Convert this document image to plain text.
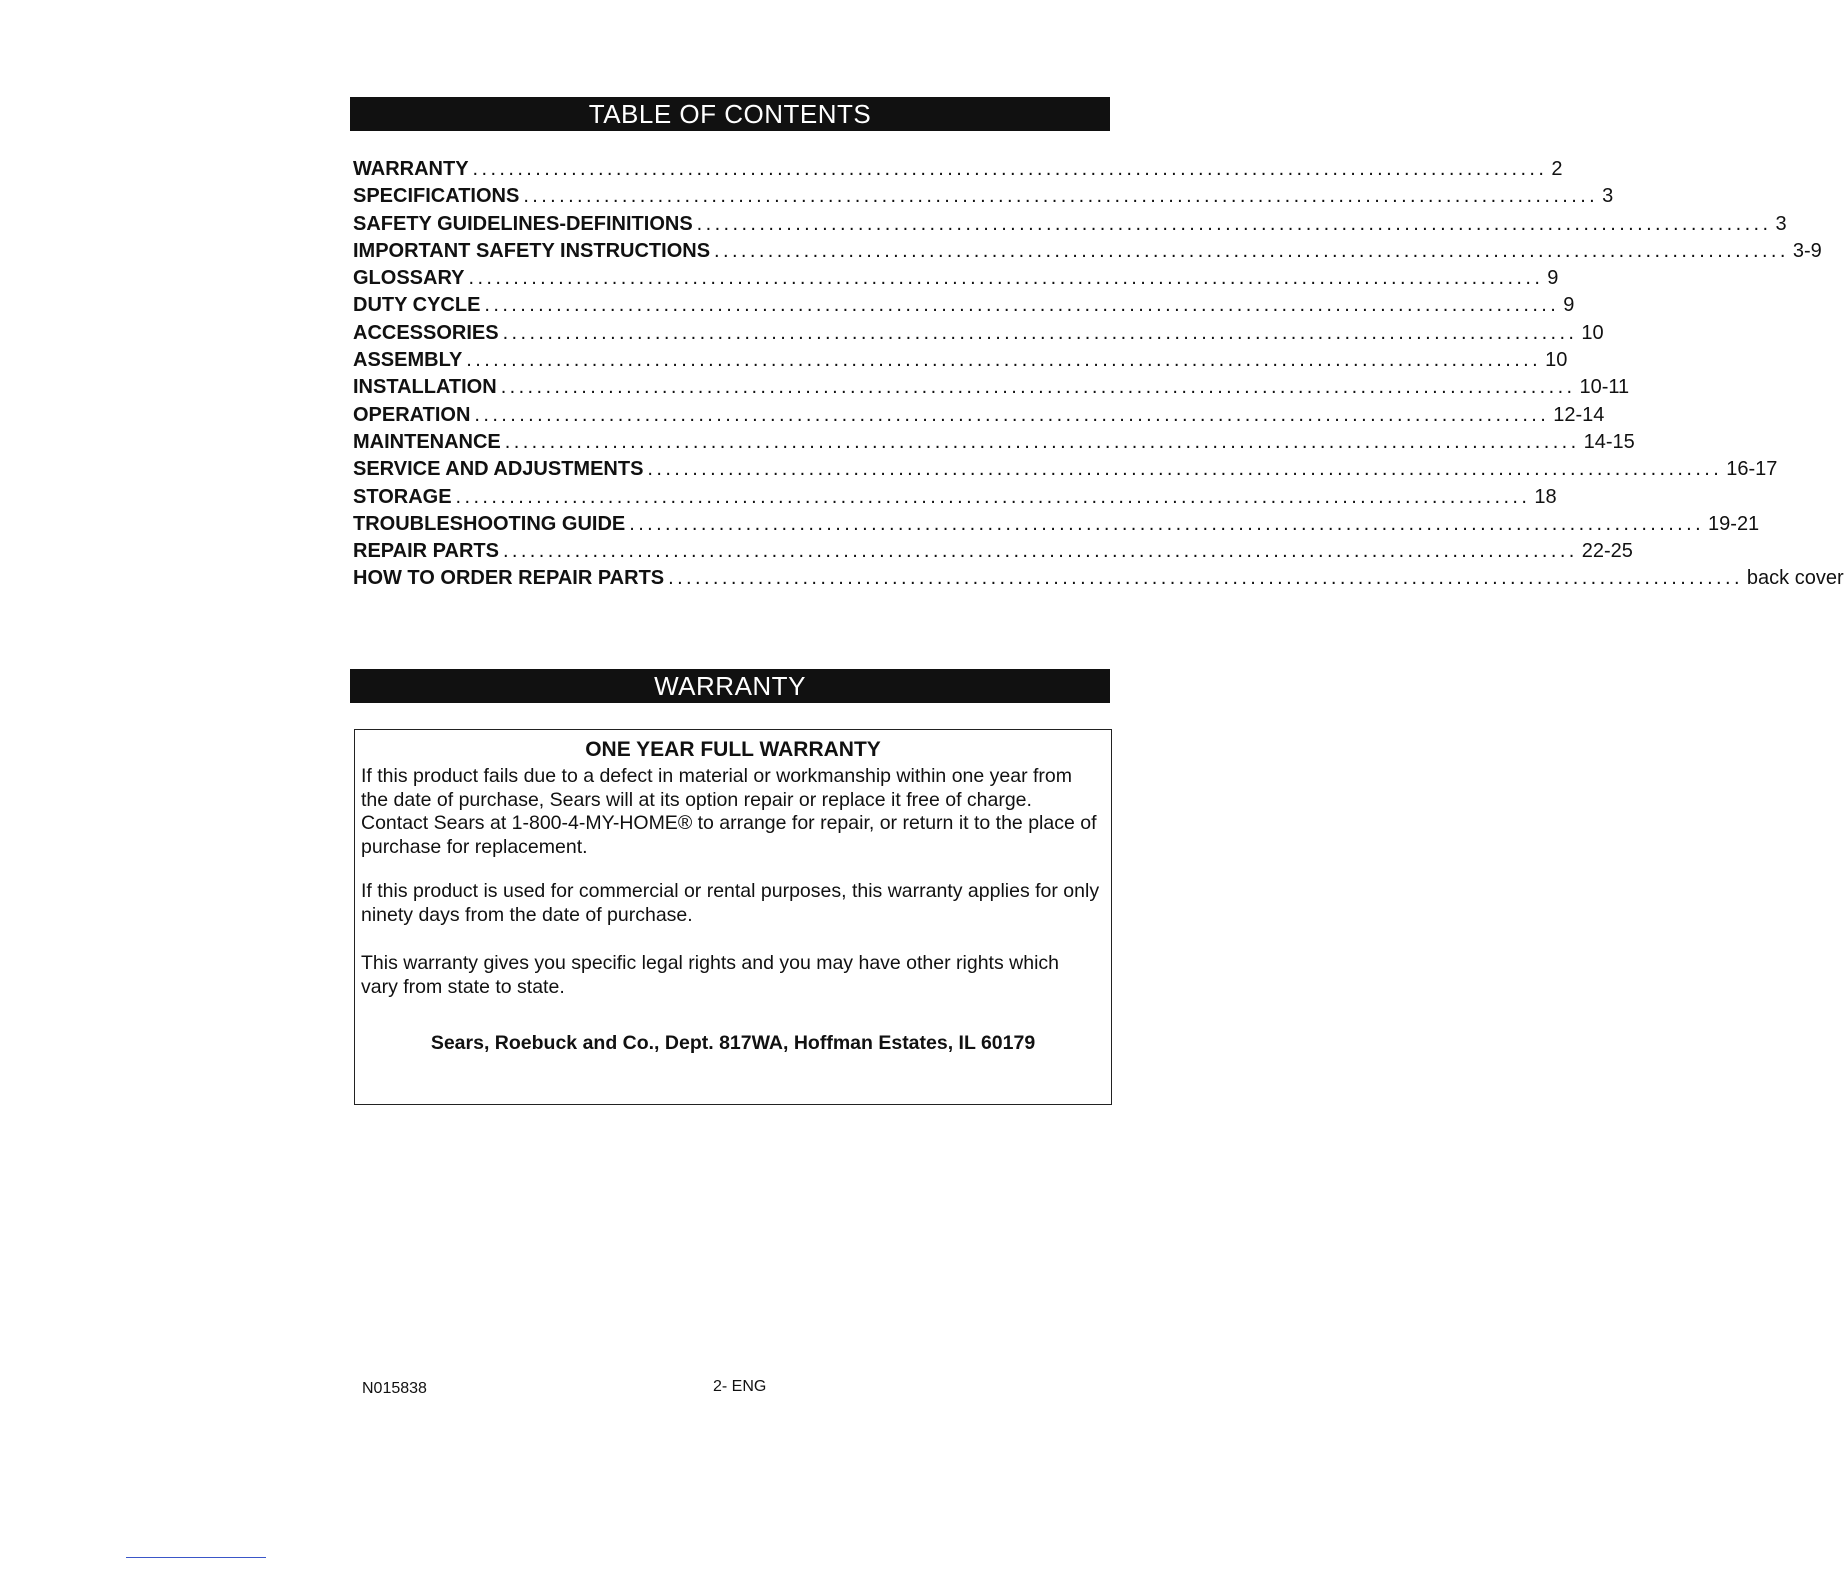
TABLE OF CONTENTS
WARRANTY ........................................................................................................................ 2
SPECIFICATIONS ........................................................................................................................ 3
SAFETY GUIDELINES-DEFINITIONS ........................................................................................................................ 3
IMPORTANT SAFETY INSTRUCTIONS ........................................................................................................................ 3-9
GLOSSARY ........................................................................................................................ 9
DUTY CYCLE ........................................................................................................................ 9
ACCESSORIES ........................................................................................................................ 10
ASSEMBLY ........................................................................................................................ 10
INSTALLATION ........................................................................................................................ 10-11
OPERATION ........................................................................................................................ 12-14
MAINTENANCE ........................................................................................................................ 14-15
SERVICE AND ADJUSTMENTS ........................................................................................................................ 16-17
STORAGE ........................................................................................................................ 18
TROUBLESHOOTING GUIDE ........................................................................................................................ 19-21
REPAIR PARTS ........................................................................................................................ 22-25
HOW TO ORDER REPAIR PARTS ........................................................................................................................ back cover
WARRANTY
ONE YEAR FULL WARRANTY

If this product fails due to a defect in material or workmanship within one year from the date of purchase, Sears will at its option repair or replace it free of charge. Contact Sears at 1-800-4-MY-HOME® to arrange for repair, or return it to the place of purchase for replacement.

If this product is used for commercial or rental purposes, this warranty applies for only ninety days from the date of purchase.

This warranty gives you specific legal rights and you may have other rights which vary from state to state.

Sears, Roebuck and Co., Dept. 817WA, Hoffman Estates, IL 60179
N015838	2- ENG
